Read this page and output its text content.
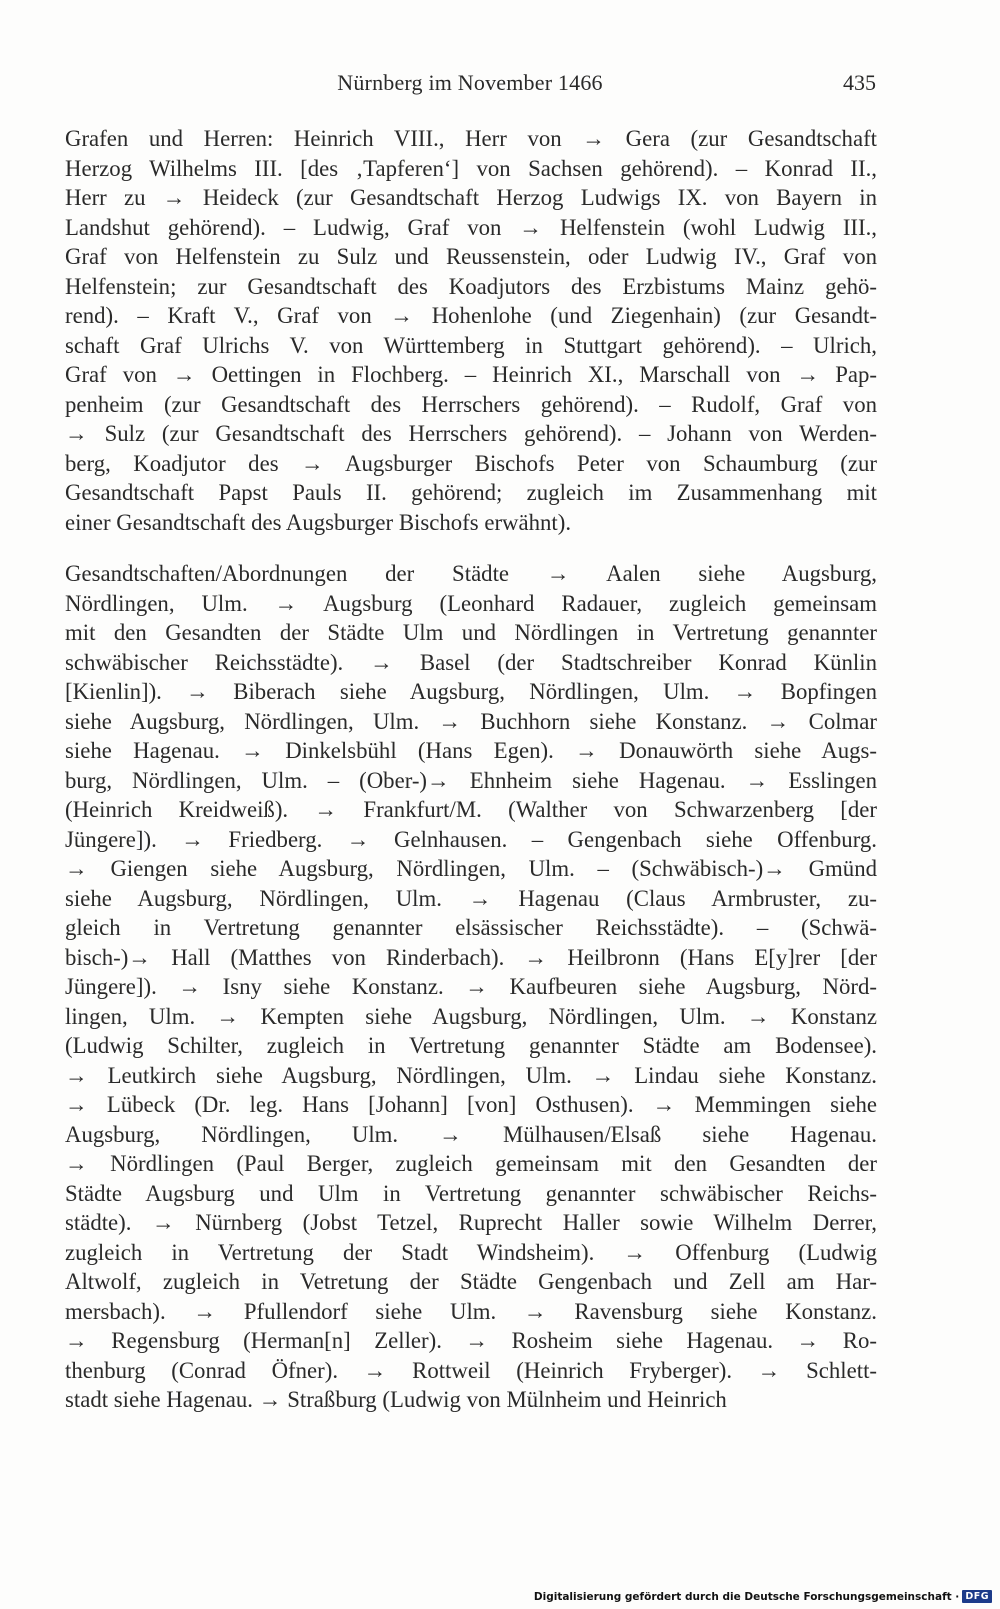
Nürnberg im November 1466	435
Grafen und Herren: Heinrich VIII., Herr von → Gera (zur Gesandtschaft
Herzog Wilhelms III. [des ‚Tapferen‘] von Sachsen gehörend). – Konrad II.,
Herr zu → Heideck (zur Gesandtschaft Herzog Ludwigs IX. von Bayern in
Landshut gehörend). – Ludwig, Graf von → Helfenstein (wohl Ludwig III.,
Graf von Helfenstein zu Sulz und Reussenstein, oder Ludwig IV., Graf von
Helfenstein; zur Gesandtschaft des Koadjutors des Erzbistums Mainz gehö-
rend). – Kraft V., Graf von → Hohenlohe (und Ziegenhain) (zur Gesandt-
schaft Graf Ulrichs V. von Württemberg in Stuttgart gehörend). – Ulrich,
Graf von → Oettingen in Flochberg. – Heinrich XI., Marschall von → Pap-
penheim (zur Gesandtschaft des Herrschers gehörend). – Rudolf, Graf von
→ Sulz (zur Gesandtschaft des Herrschers gehörend). – Johann von Werden-
berg, Koadjutor des → Augsburger Bischofs Peter von Schaumburg (zur
Gesandtschaft Papst Pauls II. gehörend; zugleich im Zusammenhang mit
einer Gesandtschaft des Augsburger Bischofs erwähnt).
Gesandtschaften/Abordnungen der Städte → Aalen siehe Augsburg,
Nördlingen, Ulm. → Augsburg (Leonhard Radauer, zugleich gemeinsam
mit den Gesandten der Städte Ulm und Nördlingen in Vertretung genannter
schwäbischer Reichsstädte). → Basel (der Stadtschreiber Konrad Künlin
[Kienlin]). → Biberach siehe Augsburg, Nördlingen, Ulm. → Bopfingen
siehe Augsburg, Nördlingen, Ulm. → Buchhorn siehe Konstanz. → Colmar
siehe Hagenau. → Dinkelsbühl (Hans Egen). → Donauwörth siehe Augs-
burg, Nördlingen, Ulm. – (Ober-)→ Ehnheim siehe Hagenau. → Esslingen
(Heinrich Kreidweiß). → Frankfurt/M. (Walther von Schwarzenberg [der
Jüngere]). → Friedberg. → Gelnhausen. – Gengenbach siehe Offenburg.
→ Giengen siehe Augsburg, Nördlingen, Ulm. – (Schwäbisch-)→ Gmünd
siehe Augsburg, Nördlingen, Ulm. → Hagenau (Claus Armbruster, zu-
gleich in Vertretung genannter elsässischer Reichsstädte). – (Schwä-
bisch-)→ Hall (Matthes von Rinderbach). → Heilbronn (Hans E[y]rer [der
Jüngere]). → Isny siehe Konstanz. → Kaufbeuren siehe Augsburg, Nörd-
lingen, Ulm. → Kempten siehe Augsburg, Nördlingen, Ulm. → Konstanz
(Ludwig Schilter, zugleich in Vertretung genannter Städte am Bodensee).
→ Leutkirch siehe Augsburg, Nördlingen, Ulm. → Lindau siehe Konstanz.
→ Lübeck (Dr. leg. Hans [Johann] [von] Osthusen). → Memmingen siehe
Augsburg, Nördlingen, Ulm. → Mülhausen/Elsaß siehe Hagenau.
→ Nördlingen (Paul Berger, zugleich gemeinsam mit den Gesandten der
Städte Augsburg und Ulm in Vertretung genannter schwäbischer Reichs-
städte). → Nürnberg (Jobst Tetzel, Ruprecht Haller sowie Wilhelm Derrer,
zugleich in Vertretung der Stadt Windsheim). → Offenburg (Ludwig
Altwolf, zugleich in Vetretung der Städte Gengenbach und Zell am Har-
mersbach). → Pfullendorf siehe Ulm. → Ravensburg siehe Konstanz.
→ Regensburg (Herman[n] Zeller). → Rosheim siehe Hagenau. → Ro-
thenburg (Conrad Öfner). → Rottweil (Heinrich Fryberger). → Schlett-
stadt siehe Hagenau. → Straßburg (Ludwig von Mülnheim und Heinrich
Digitalisierung gefördert durch die Deutsche Forschungsgemeinschaft · DFG
